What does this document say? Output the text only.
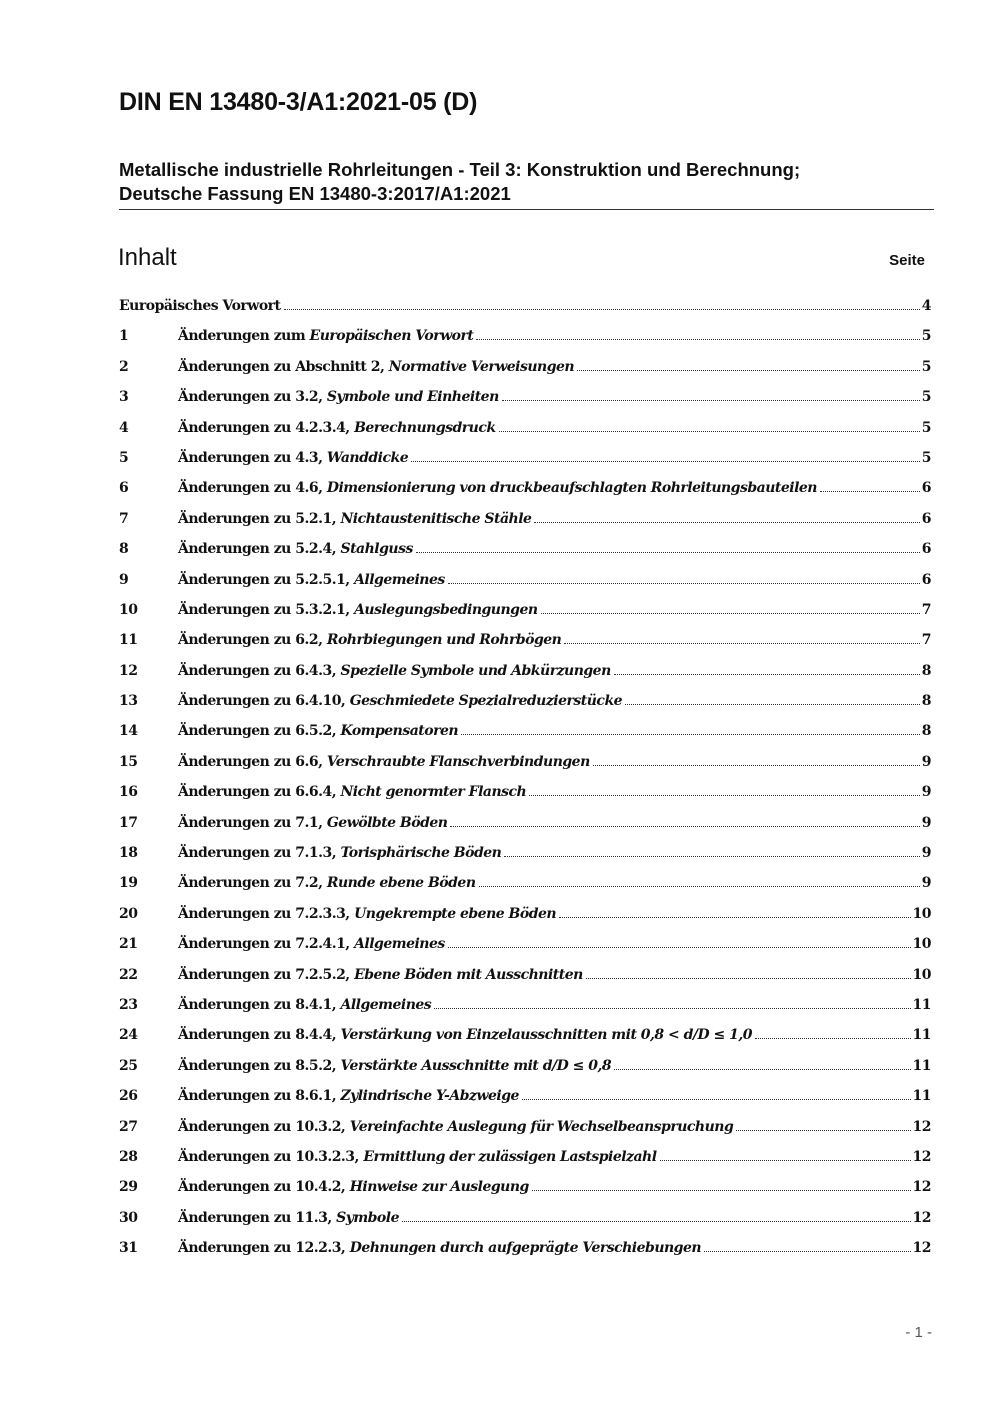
DIN EN 13480-3/A1:2021-05 (D)
Metallische industrielle Rohrleitungen - Teil 3: Konstruktion und Berechnung;
Deutsche Fassung EN 13480-3:2017/A1:2021
Inhalt	Seite
Europäisches Vorwort	4
1	Änderungen zum Europäischen Vorwort	5
2	Änderungen zu Abschnitt 2, Normative Verweisungen	5
3	Änderungen zu 3.2, Symbole und Einheiten	5
4	Änderungen zu 4.2.3.4, Berechnungsdruck	5
5	Änderungen zu 4.3, Wanddicke	5
6	Änderungen zu 4.6, Dimensionierung von druckbeaufschlagten Rohrleitungsbauteilen	6
7	Änderungen zu 5.2.1, Nichtaustenitische Stähle	6
8	Änderungen zu 5.2.4, Stahlguss	6
9	Änderungen zu 5.2.5.1, Allgemeines	6
10	Änderungen zu 5.3.2.1, Auslegungsbedingungen	7
11	Änderungen zu 6.2, Rohrbiegungen und Rohrbögen	7
12	Änderungen zu 6.4.3, Spezielle Symbole und Abkürzungen	8
13	Änderungen zu 6.4.10, Geschmiedete Spezialreduzierstücke	8
14	Änderungen zu 6.5.2, Kompensatoren	8
15	Änderungen zu 6.6, Verschraubte Flanschverbindungen	9
16	Änderungen zu 6.6.4, Nicht genormter Flansch	9
17	Änderungen zu 7.1, Gewölbte Böden	9
18	Änderungen zu 7.1.3, Torisphärische Böden	9
19	Änderungen zu 7.2, Runde ebene Böden	9
20	Änderungen zu 7.2.3.3, Ungekrempte ebene Böden	10
21	Änderungen zu 7.2.4.1, Allgemeines	10
22	Änderungen zu 7.2.5.2, Ebene Böden mit Ausschnitten	10
23	Änderungen zu 8.4.1, Allgemeines	11
24	Änderungen zu 8.4.4, Verstärkung von Einzelausschnitten mit 0,8 < d/D ≤ 1,0	11
25	Änderungen zu 8.5.2, Verstärkte Ausschnitte mit d/D ≤ 0,8	11
26	Änderungen zu 8.6.1, Zylindrische Y-Abzweige	11
27	Änderungen zu 10.3.2, Vereinfachte Auslegung für Wechselbeanspruchung	12
28	Änderungen zu 10.3.2.3, Ermittlung der zulässigen Lastspielzahl	12
29	Änderungen zu 10.4.2, Hinweise zur Auslegung	12
30	Änderungen zu 11.3, Symbole	12
31	Änderungen zu 12.2.3, Dehnungen durch aufgeprägte Verschiebungen	12
- 1 -
